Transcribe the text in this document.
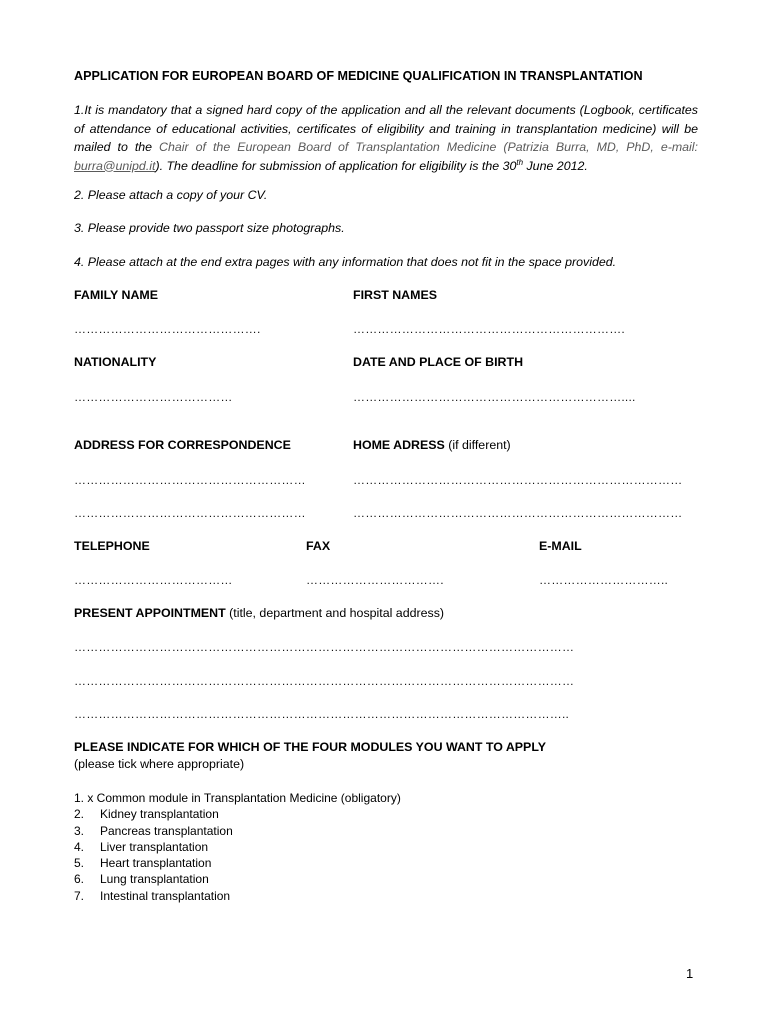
APPLICATION FOR EUROPEAN BOARD OF MEDICINE QUALIFICATION IN TRANSPLANTATION
1.It is mandatory that a signed hard copy of the application and all the relevant documents (Logbook, certificates of attendance of educational activities, certificates of eligibility and training in transplantation medicine) will be mailed to the Chair of the European Board of Transplantation Medicine (Patrizia Burra, MD, PhD, e-mail: burra@unipd.it). The deadline for submission of application for eligibility is the 30th June 2012.
2. Please attach a copy of your CV.
3. Please provide two passport size photographs.
4. Please attach at the end extra pages with any information that does not fit in the space provided.
FAMILY NAME	FIRST NAMES
……………………………………….	………………………………………………………….
NATIONALITY	DATE AND PLACE OF BIRTH
…………………………………	…………………………………………………………....
ADDRESS FOR CORRESPONDENCE	HOME ADRESS (if different)
…………………………………………………	………………………………………………………………………
…………………………………………………	………………………………………………………………………
TELEPHONE	FAX	E-MAIL
…………………………………	…………………………….	…………………………..
PRESENT APPOINTMENT (title, department and hospital address)
……………………………………………………………………………………………………………
……………………………………………………………………………………………………………
…………………………………………………………………………………………………………..
PLEASE INDICATE FOR WHICH OF THE FOUR MODULES YOU WANT TO APPLY
(please tick where appropriate)
1. x Common module in Transplantation Medicine (obligatory)
2.	Kidney transplantation
3.	Pancreas transplantation
4.	Liver transplantation
5.	Heart transplantation
6.	Lung transplantation
7.	Intestinal transplantation
1
